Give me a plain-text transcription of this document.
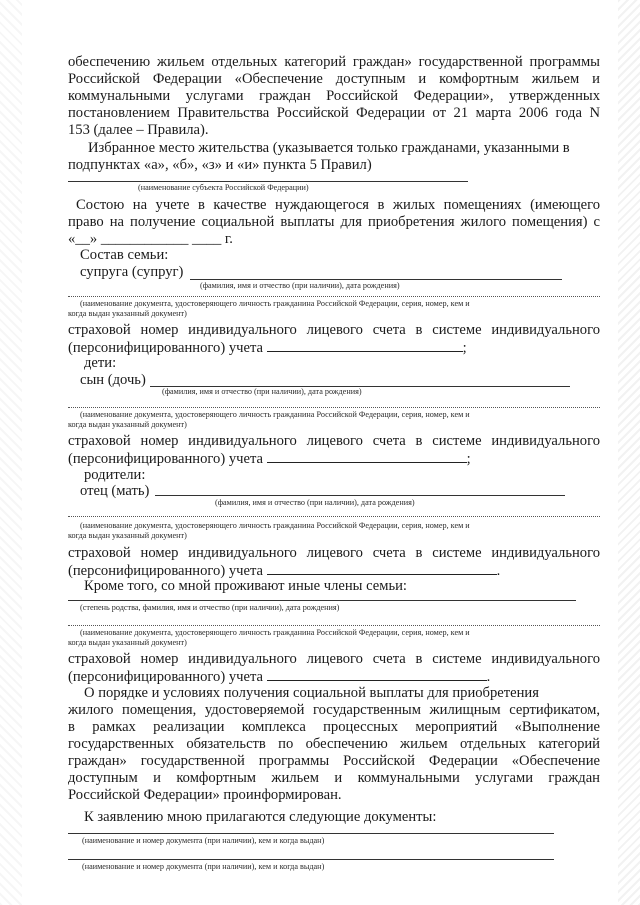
обеспечению жильем отдельных категорий граждан» государственной программы
Российской Федерации «Обеспечение доступным и комфортным жильем и
коммунальными услугами граждан Российской Федерации», утвержденных
постановлением Правительства Российской Федерации от 21 марта 2006 года N
153 (далее – Правила).
Избранное место жительства (указывается только гражданами, указанными в
подпунктах «а», «б», «з» и «и» пункта 5 Правил)
(наименование субъекта Российской Федерации)
Состою на учете в качестве нуждающегося в жилых помещениях (имеющего
право на получение социальной выплаты для приобретения жилого помещения) с
«__» ____________ ____ г.
Состав семьи:
супруга (супруг)
(фамилия, имя и отчество (при наличии), дата рождения)
(наименование документа, удостоверяющего личность гражданина Российской Федерации, серия, номер, кем и
когда выдан указанный документ)
страховой номер индивидуального лицевого счета в системе индивидуального
(персонифицированного) учета	;
дети:
сын (дочь)
(фамилия, имя и отчество (при наличии), дата рождения)
(наименование документа, удостоверяющего личность гражданина Российской Федерации, серия, номер, кем и
когда выдан указанный документ)
страховой номер индивидуального лицевого счета в системе индивидуального
(персонифицированного) учета	;
родители:
отец (мать)
(фамилия, имя и отчество (при наличии), дата рождения)
(наименование документа, удостоверяющего личность гражданина Российской Федерации, серия, номер, кем и
когда выдан указанный документ)
страховой номер индивидуального лицевого счета в системе индивидуального
(персонифицированного) учета	.
Кроме того, со мной проживают иные члены семьи:
(степень родства, фамилия, имя и отчество (при наличии), дата рождения)
(наименование документа, удостоверяющего личность гражданина Российской Федерации, серия, номер, кем и
когда выдан указанный документ)
страховой номер индивидуального лицевого счета в системе индивидуального
(персонифицированного) учета	.
О порядке и условиях получения социальной выплаты для приобретения
жилого помещения, удостоверяемой государственным жилищным сертификатом,
в рамках реализации комплекса процессных мероприятий «Выполнение
государственных обязательств по обеспечению жильем отдельных категорий
граждан» государственной программы Российской Федерации «Обеспечение
доступным и комфортным жильем и коммунальными услугами граждан
Российской Федерации» проинформирован.
К заявлению мною прилагаются следующие документы:
(наименование и номер документа (при наличии), кем и когда выдан)
(наименование и номер документа (при наличии), кем и когда выдан)
